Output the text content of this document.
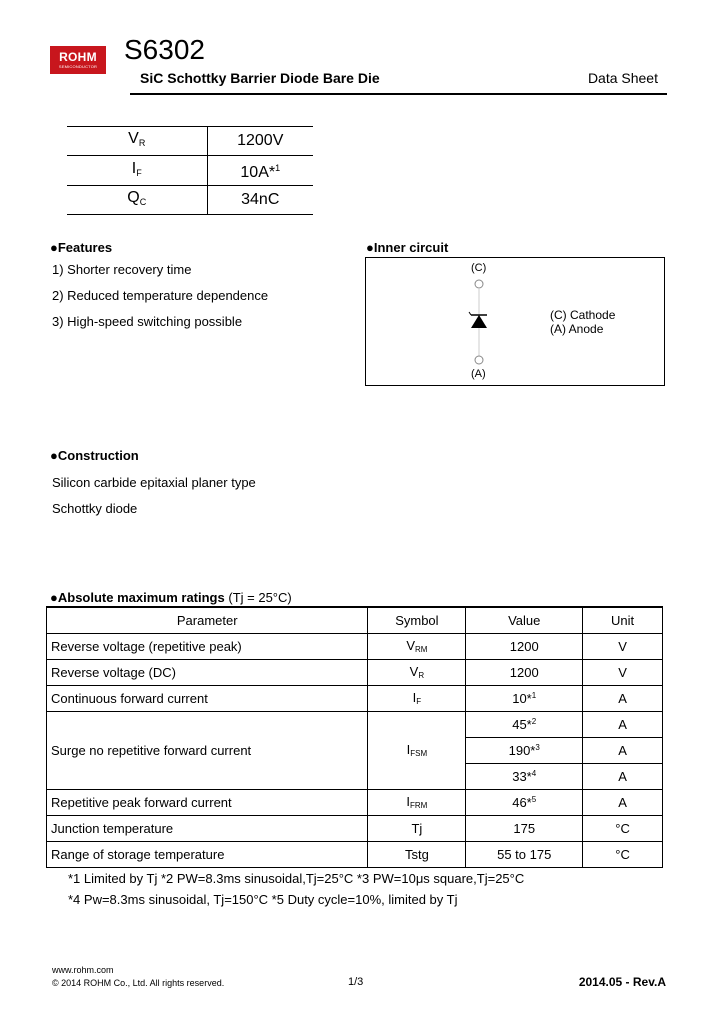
ROHM
SEMICONDUCTOR
S6302
SiC Schottky Barrier Diode Bare Die	Data Sheet
$V_R$	1200V
$I_F$	10A*$^1$
$Q_C$	34nC
●Features
1) Shorter recovery time
2) Reduced temperature dependence
3) High-speed switching possible
●Inner circuit
(C)
(A)
(C) Cathode
(A) Anode
●Construction
Silicon carbide epitaxial planer type
Schottky diode
●Absolute maximum ratings (Tj = 25°C)
Parameter	Symbol	Value	Unit
Reverse voltage (repetitive peak)	VRM	1200	V
Reverse voltage (DC)	VR	1200	V
Continuous forward current	IF	10*$^1$	A
Surge no repetitive forward current	IFSM	45*$^2$	A
		190*$^3$	A
		33*$^4$	A
Repetitive peak forward current	IFRM	46*$^5$	A
Junction temperature	Tj	175	°C
Range of storage temperature	Tstg	55 to 175	°C
*1 Limited by Tj *2 PW=8.3ms sinusoidal,Tj=25°C *3 PW=10μs square,Tj=25°C
*4 Pw=8.3ms sinusoidal, Tj=150°C *5 Duty cycle=10%, limited by Tj
www.rohm.com
© 2014 ROHM Co., Ltd. All rights reserved.	1/3	2014.05 - Rev.A
